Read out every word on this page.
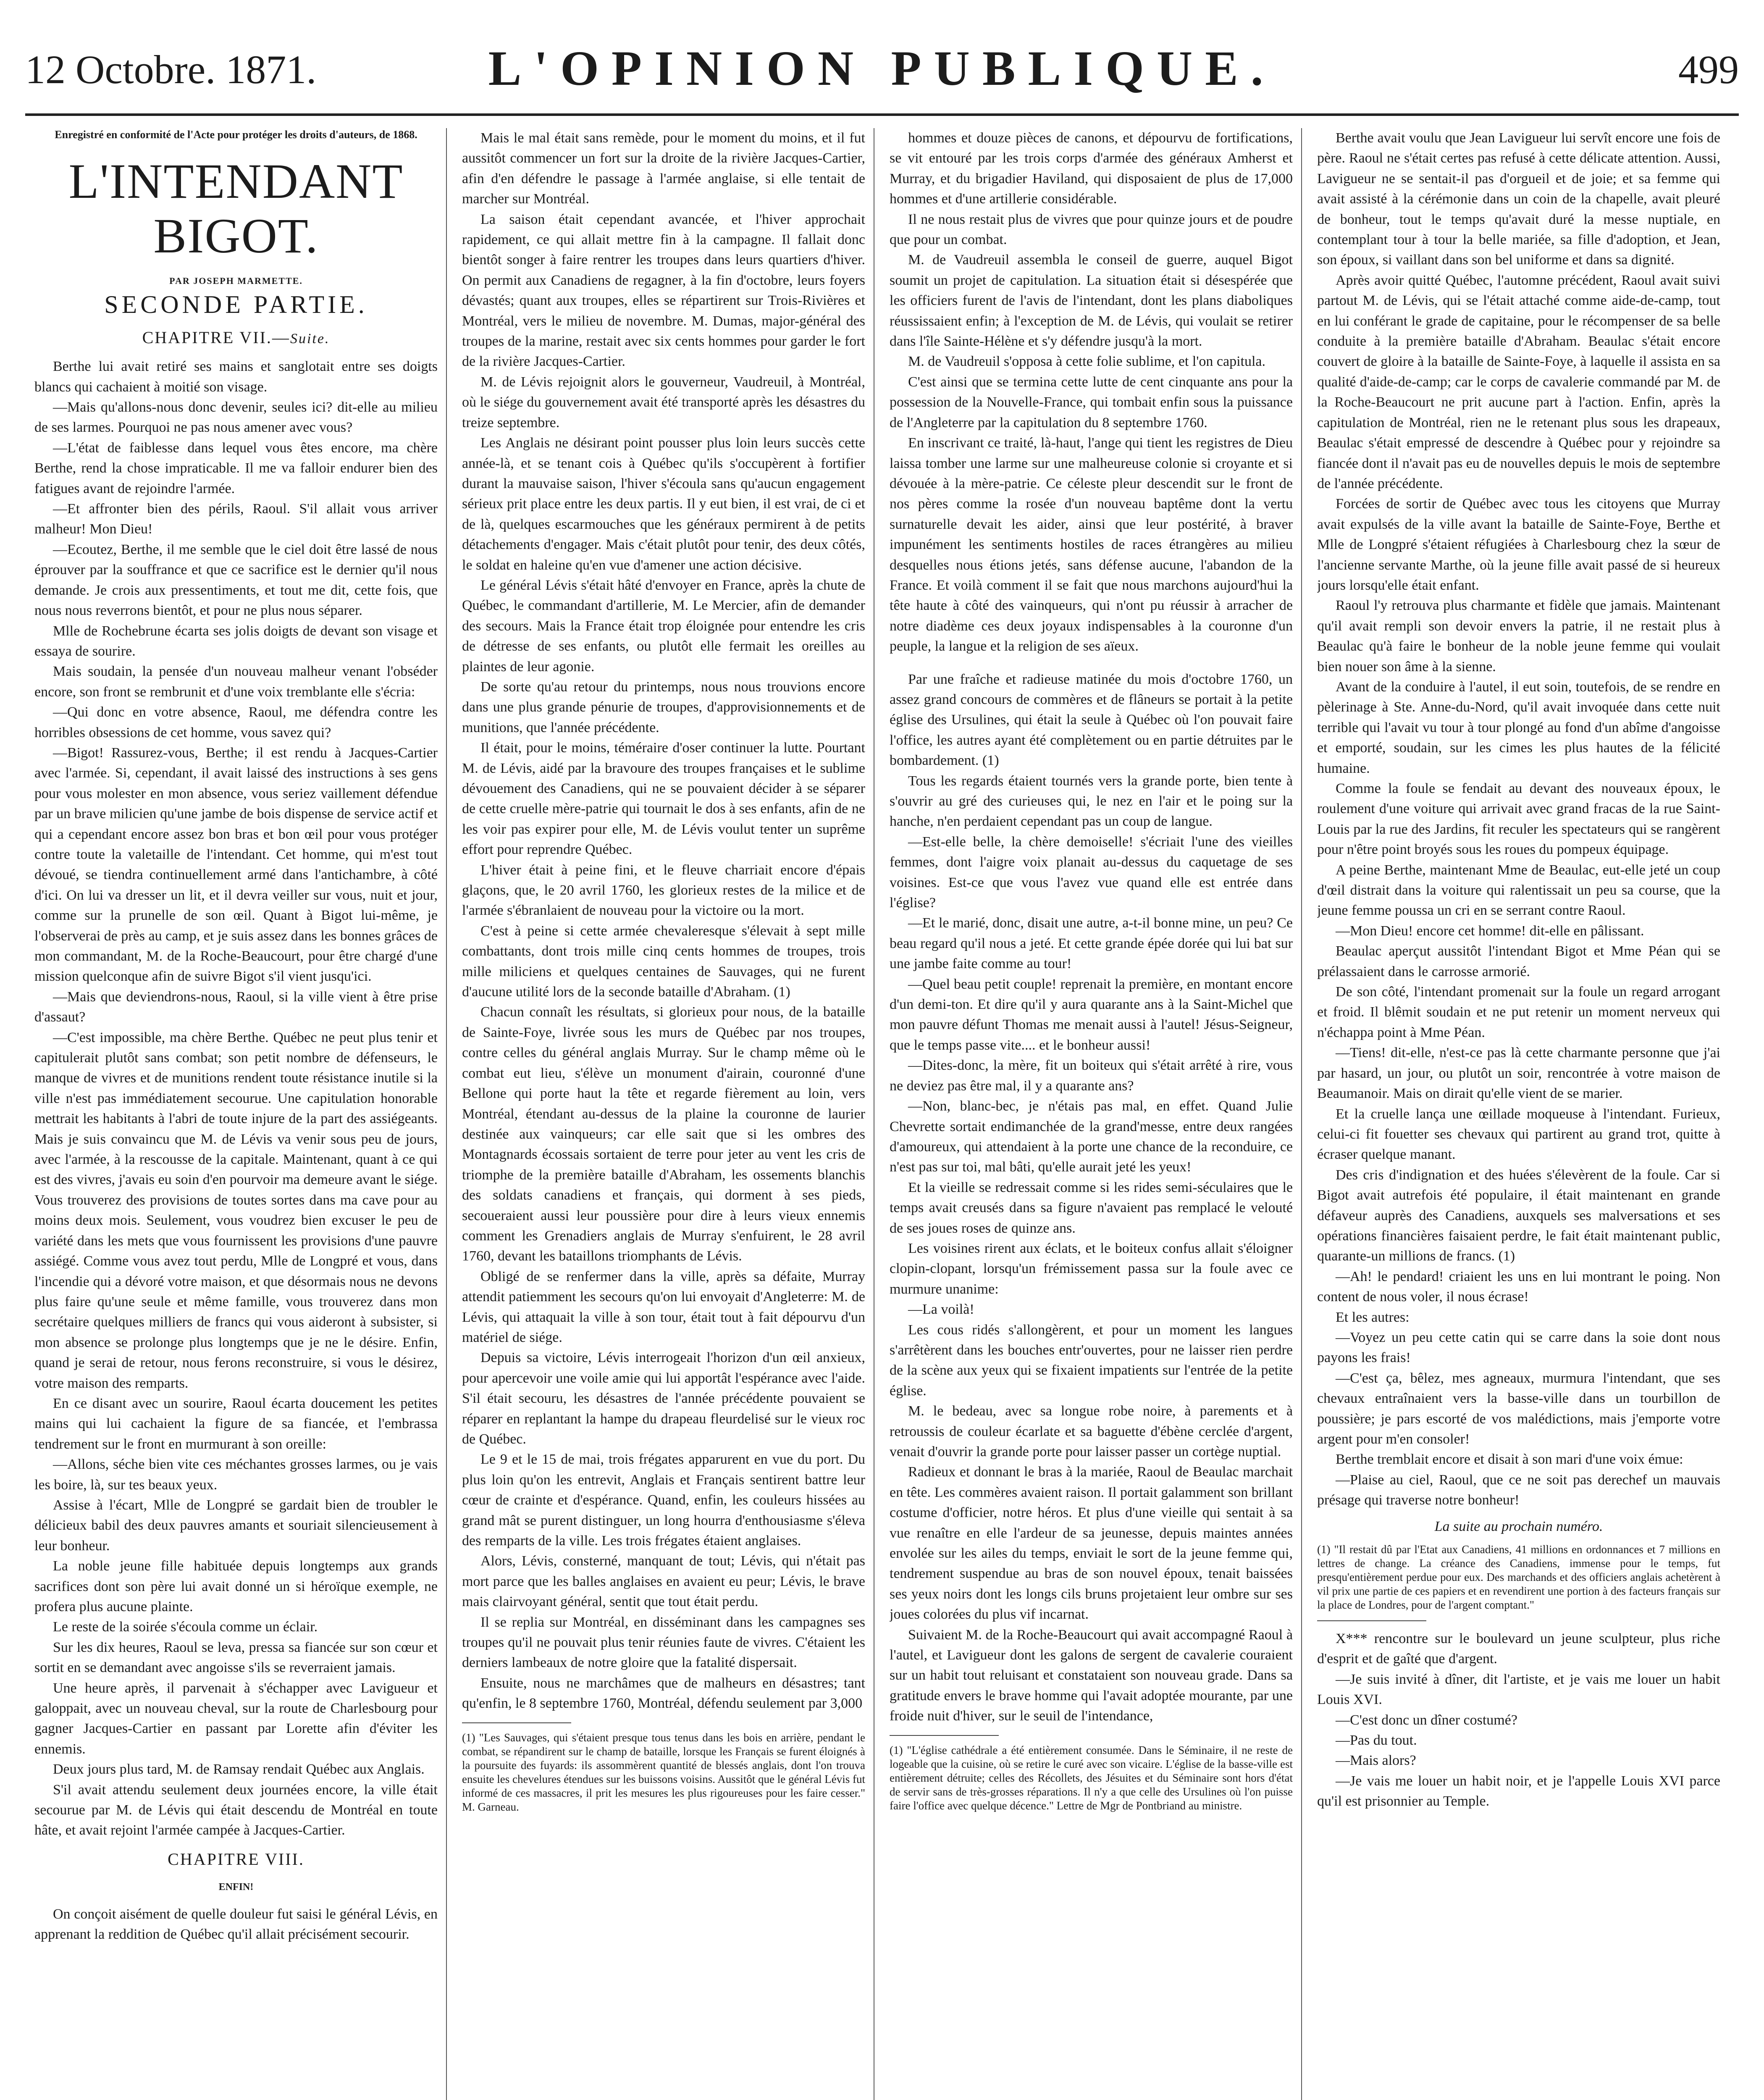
12 Octobre. 1871.	L'OPINION PUBLIQUE.	499
Enregistré en conformité de l'Acte pour protéger les droits d'auteurs, de 1868.
L'INTENDANT BIGOT.
PAR JOSEPH MARMETTE.
SECONDE PARTIE.
CHAPITRE VII.—Suite.

Berthe lui avait retiré ses mains et sanglotait entre ses doigts blancs qui cachaient à moitié son visage.

—Mais qu'allons-nous donc devenir, seules ici? dit-elle au milieu de ses larmes. Pourquoi ne pas nous amener avec vous?

—L'état de faiblesse dans lequel vous êtes encore, ma chère Berthe, rend la chose impraticable. Il me va falloir endurer bien des fatigues avant de rejoindre l'armée.

—Et affronter bien des périls, Raoul. S'il allait vous arriver malheur! Mon Dieu!

—Ecoutez, Berthe, il me semble que le ciel doit être lassé de nous éprouver par la souffrance et que ce sacrifice est le dernier qu'il nous demande. Je crois aux pressentiments, et tout me dit, cette fois, que nous nous reverrons bientôt, et pour ne plus nous séparer.

Mlle de Rochebrune écarta ses jolis doigts de devant son visage et essaya de sourire.

Mais soudain, la pensée d'un nouveau malheur venant l'obséder encore, son front se rembrunit et d'une voix tremblante elle s'écria:

—Qui donc en votre absence, Raoul, me défendra contre les horribles obsessions de cet homme, vous savez qui?

—Bigot! Rassurez-vous, Berthe; il est rendu à Jacques-Cartier avec l'armée. Si, cependant, il avait laissé des instructions à ses gens pour vous molester en mon absence, vous seriez vaillement défendue par un brave milicien qu'une jambe de bois dispense de service actif et qui a cependant encore assez bon bras et bon œil pour vous protéger contre toute la valetaille de l'intendant. Cet homme, qui m'est tout dévoué, se tiendra continuellement armé dans l'antichambre, à côté d'ici. On lui va dresser un lit, et il devra veiller sur vous, nuit et jour, comme sur la prunelle de son œil. Quant à Bigot lui-même, je l'observerai de près au camp, et je suis assez dans les bonnes grâces de mon commandant, M. de la Roche-Beaucourt, pour être chargé d'une mission quelconque afin de suivre Bigot s'il vient jusqu'ici.

—Mais que deviendrons-nous, Raoul, si la ville vient à être prise d'assaut?

—C'est impossible, ma chère Berthe. Québec ne peut plus tenir et capitulerait plutôt sans combat; son petit nombre de défenseurs, le manque de vivres et de munitions rendent toute résistance inutile si la ville n'est pas immédiatement secourue. Une capitulation honorable mettrait les habitants à l'abri de toute injure de la part des assiégeants. Mais je suis convaincu que M. de Lévis va venir sous peu de jours, avec l'armée, à la rescousse de la capitale. Maintenant, quant à ce qui est des vivres, j'avais eu soin d'en pourvoir ma demeure avant le siége. Vous trouverez des provisions de toutes sortes dans ma cave pour au moins deux mois. Seulement, vous voudrez bien excuser le peu de variété dans les mets que vous fournissent les provisions d'une pauvre assiégé. Comme vous avez tout perdu, Mlle de Longpré et vous, dans l'incendie qui a dévoré votre maison, et que désormais nous ne devons plus faire qu'une seule et même famille, vous trouverez dans mon secrétaire quelques milliers de francs qui vous aideront à subsister, si mon absence se prolonge plus longtemps que je ne le désire. Enfin, quand je serai de retour, nous ferons reconstruire, si vous le désirez, votre maison des remparts.

En ce disant avec un sourire, Raoul écarta doucement les petites mains qui lui cachaient la figure de sa fiancée, et l'embrassa tendrement sur le front en murmurant à son oreille:

—Allons, séche bien vite ces méchantes grosses larmes, ou je vais les boire, là, sur tes beaux yeux.

Assise à l'écart, Mlle de Longpré se gardait bien de troubler le délicieux babil des deux pauvres amants et souriait silencieusement à leur bonheur.

La noble jeune fille habituée depuis longtemps aux grands sacrifices dont son père lui avait donné un si héroïque exemple, ne profera plus aucune plainte.

Le reste de la soirée s'écoula comme un éclair.

Sur les dix heures, Raoul se leva, pressa sa fiancée sur son cœur et sortit en se demandant avec angoisse s'ils se reverraient jamais.

Une heure après, il parvenait à s'échapper avec Lavigueur et galoppait, avec un nouveau cheval, sur la route de Charlesbourg pour gagner Jacques-Cartier en passant par Lorette afin d'éviter les ennemis.

Deux jours plus tard, M. de Ramsay rendait Québec aux Anglais.

S'il avait attendu seulement deux journées encore, la ville était secourue par M. de Lévis qui était descendu de Montréal en toute hâte, et avait rejoint l'armée campée à Jacques-Cartier.

CHAPITRE VIII.
ENFIN!

On conçoit aisément de quelle douleur fut saisi le général Lévis, en apprenant la reddition de Québec qu'il allait précisément secourir.

Mais le mal était sans remède, pour le moment du moins, et il fut aussitôt commencer un fort sur la droite de la rivière Jacques-Cartier, afin d'en défendre le passage à l'armée anglaise, si elle tentait de marcher sur Montréal.

La saison était cependant avancée, et l'hiver approchait rapidement, ce qui allait mettre fin à la campagne. Il fallait donc bientôt songer à faire rentrer les troupes dans leurs quartiers d'hiver. On permit aux Canadiens de regagner, à la fin d'octobre, leurs foyers dévastés; quant aux troupes, elles se répartirent sur Trois-Rivières et Montréal, vers le milieu de novembre. M. Dumas, major-général des troupes de la marine, restait avec six cents hommes pour garder le fort de la rivière Jacques-Cartier.

M. de Lévis rejoignit alors le gouverneur, Vaudreuil, à Montréal, où le siége du gouvernement avait été transporté après les désastres du treize septembre.

Les Anglais ne désirant point pousser plus loin leurs succès cette année-là, et se tenant cois à Québec qu'ils s'occupèrent à fortifier durant la mauvaise saison, l'hiver s'écoula sans qu'aucun engagement sérieux prit place entre les deux partis. Il y eut bien, il est vrai, de ci et de là, quelques escarmouches que les généraux permirent à de petits détachements d'engager. Mais c'était plutôt pour tenir, des deux côtés, le soldat en haleine qu'en vue d'amener une action décisive.

Le général Lévis s'était hâté d'envoyer en France, après la chute de Québec, le commandant d'artillerie, M. Le Mercier, afin de demander des secours. Mais la France était trop éloignée pour entendre les cris de détresse de ses enfants, ou plutôt elle fermait les oreilles au plaintes de leur agonie.

De sorte qu'au retour du printemps, nous nous trouvions encore dans une plus grande pénurie de troupes, d'approvisionnements et de munitions, que l'année précédente.

Il était, pour le moins, téméraire d'oser continuer la lutte. Pourtant M. de Lévis, aidé par la bravoure des troupes françaises et le sublime dévouement des Canadiens, qui ne se pouvaient décider à se séparer de cette cruelle mère-patrie qui tournait le dos à ses enfants, afin de ne les voir pas expirer pour elle, M. de Lévis voulut tenter un suprême effort pour reprendre Québec.

L'hiver était à peine fini, et le fleuve charriait encore d'épais glaçons, que, le 20 avril 1760, les glorieux restes de la milice et de l'armée s'ébranlaient de nouveau pour la victoire ou la mort.

C'est à peine si cette armée chevaleresque s'élevait à sept mille combattants, dont trois mille cinq cents hommes de troupes, trois mille miliciens et quelques centaines de Sauvages, qui ne furent d'aucune utilité lors de la seconde bataille d'Abraham. (1)

Chacun connaît les résultats, si glorieux pour nous, de la bataille de Sainte-Foye, livrée sous les murs de Québec par nos troupes, contre celles du général anglais Murray. Sur le champ même où le combat eut lieu, s'élève un monument d'airain, couronné d'une Bellone qui porte haut la tête et regarde fièrement au loin, vers Montréal, étendant au-dessus de la plaine la couronne de laurier destinée aux vainqueurs; car elle sait que si les ombres des Montagnards écossais sortaient de terre pour jeter au vent les cris de triomphe de la première bataille d'Abraham, les ossements blanchis des soldats canadiens et français, qui dorment à ses pieds, secoueraient aussi leur poussière pour dire à leurs vieux ennemis comment les Grenadiers anglais de Murray s'enfuirent, le 28 avril 1760, devant les bataillons triomphants de Lévis.

Obligé de se renfermer dans la ville, après sa défaite, Murray attendit patiemment les secours qu'on lui envoyait d'Angleterre: M. de Lévis, qui attaquait la ville à son tour, était tout à fait dépourvu d'un matériel de siége.

Depuis sa victoire, Lévis interrogeait l'horizon d'un œil anxieux, pour apercevoir une voile amie qui lui apportât l'espérance avec l'aide. S'il était secouru, les désastres de l'année précédente pouvaient se réparer en replantant la hampe du drapeau fleurdelisé sur le vieux roc de Québec.

Le 9 et le 15 de mai, trois frégates apparurent en vue du port. Du plus loin qu'on les entrevit, Anglais et Français sentirent battre leur cœur de crainte et d'espérance. Quand, enfin, les couleurs hissées au grand mât se purent distinguer, un long hourra d'enthousiasme s'éleva des remparts de la ville. Les trois frégates étaient anglaises.

Alors, Lévis, consterné, manquant de tout; Lévis, qui n'était pas mort parce que les balles anglaises en avaient eu peur; Lévis, le brave mais clairvoyant général, sentit que tout était perdu.

Il se replia sur Montréal, en disséminant dans les campagnes ses troupes qu'il ne pouvait plus tenir réunies faute de vivres. C'étaient les derniers lambeaux de notre gloire que la fatalité dispersait.

Ensuite, nous ne marchâmes que de malheurs en désastres; tant qu'enfin, le 8 septembre 1760, Montréal, défendu seulement par 3,000

(1) "Les Sauvages, qui s'étaient presque tous tenus dans les bois en arrière, pendant le combat, se répandirent sur le champ de bataille, lorsque les Français se furent éloignés à la poursuite des fuyards: ils assommèrent quantité de blessés anglais, dont l'on trouva ensuite les chevelures étendues sur les buissons voisins. Aussitôt que le général Lévis fut informé de ces massacres, il prit les mesures les plus rigoureuses pour les faire cesser." M. Garneau.

hommes et douze pièces de canons, et dépourvu de fortifications, se vit entouré par les trois corps d'armée des généraux Amherst et Murray, et du brigadier Haviland, qui disposaient de plus de 17,000 hommes et d'une artillerie considérable.

Il ne nous restait plus de vivres que pour quinze jours et de poudre que pour un combat.

M. de Vaudreuil assembla le conseil de guerre, auquel Bigot soumit un projet de capitulation. La situation était si désespérée que les officiers furent de l'avis de l'intendant, dont les plans diaboliques réussissaient enfin; à l'exception de M. de Lévis, qui voulait se retirer dans l'île Sainte-Hélène et s'y défendre jusqu'à la mort.

M. de Vaudreuil s'opposa à cette folie sublime, et l'on capitula.

C'est ainsi que se termina cette lutte de cent cinquante ans pour la possession de la Nouvelle-France, qui tombait enfin sous la puissance de l'Angleterre par la capitulation du 8 septembre 1760.

En inscrivant ce traité, là-haut, l'ange qui tient les registres de Dieu laissa tomber une larme sur une malheureuse colonie si croyante et si dévouée à la mère-patrie. Ce céleste pleur descendit sur le front de nos pères comme la rosée d'un nouveau baptême dont la vertu surnaturelle devait les aider, ainsi que leur postérité, à braver impunément les sentiments hostiles de races étrangères au milieu desquelles nous étions jetés, sans défense aucune, l'abandon de la France. Et voilà comment il se fait que nous marchons aujourd'hui la tête haute à côté des vainqueurs, qui n'ont pu réussir à arracher de notre diadème ces deux joyaux indispensables à la couronne d'un peuple, la langue et la religion de ses aïeux.

Par une fraîche et radieuse matinée du mois d'octobre 1760, un assez grand concours de commères et de flâneurs se portait à la petite église des Ursulines, qui était la seule à Québec où l'on pouvait faire l'office, les autres ayant été complètement ou en partie détruites par le bombardement. (1)

Tous les regards étaient tournés vers la grande porte, bien tente à s'ouvrir au gré des curieuses qui, le nez en l'air et le poing sur la hanche, n'en perdaient cependant pas un coup de langue.

—Est-elle belle, la chère demoiselle! s'écriait l'une des vieilles femmes, dont l'aigre voix planait au-dessus du caquetage de ses voisines. Est-ce que vous l'avez vue quand elle est entrée dans l'église?

—Et le marié, donc, disait une autre, a-t-il bonne mine, un peu? Ce beau regard qu'il nous a jeté. Et cette grande épée dorée qui lui bat sur une jambe faite comme au tour!

—Quel beau petit couple! reprenait la première, en montant encore d'un demi-ton. Et dire qu'il y aura quarante ans à la Saint-Michel que mon pauvre défunt Thomas me menait aussi à l'autel! Jésus-Seigneur, que le temps passe vite.... et le bonheur aussi!

—Dites-donc, la mère, fit un boiteux qui s'était arrêté à rire, vous ne deviez pas être mal, il y a quarante ans?

—Non, blanc-bec, je n'étais pas mal, en effet. Quand Julie Chevrette sortait endimanchée de la grand'messe, entre deux rangées d'amoureux, qui attendaient à la porte une chance de la reconduire, ce n'est pas sur toi, mal bâti, qu'elle aurait jeté les yeux!

Et la vieille se redressait comme si les rides semi-séculaires que le temps avait creusés dans sa figure n'avaient pas remplacé le velouté de ses joues roses de quinze ans.

Les voisines rirent aux éclats, et le boiteux confus allait s'éloigner clopin-clopant, lorsqu'un frémissement passa sur la foule avec ce murmure unanime:

—La voilà!

Les cous ridés s'allongèrent, et pour un moment les langues s'arrêtèrent dans les bouches entr'ouvertes, pour ne laisser rien perdre de la scène aux yeux qui se fixaient impatients sur l'entrée de la petite église.

M. le bedeau, avec sa longue robe noire, à parements et à retroussis de couleur écarlate et sa baguette d'ébène cerclée d'argent, venait d'ouvrir la grande porte pour laisser passer un cortège nuptial.

Radieux et donnant le bras à la mariée, Raoul de Beaulac marchait en tête. Les commères avaient raison. Il portait galamment son brillant costume d'officier, notre héros. Et plus d'une vieille qui sentait à sa vue renaître en elle l'ardeur de sa jeunesse, depuis maintes années envolée sur les ailes du temps, enviait le sort de la jeune femme qui, tendrement suspendue au bras de son nouvel époux, tenait baissées ses yeux noirs dont les longs cils bruns projetaient leur ombre sur ses joues colorées du plus vif incarnat.

Suivaient M. de la Roche-Beaucourt qui avait accompagné Raoul à l'autel, et Lavigueur dont les galons de sergent de cavalerie couraient sur un habit tout reluisant et constataient son nouveau grade. Dans sa gratitude envers le brave homme qui l'avait adoptée mourante, par une froide nuit d'hiver, sur le seuil de l'intendance,

(1) "L'église cathédrale a été entièrement consumée. Dans le Séminaire, il ne reste de logeable que la cuisine, où se retire le curé avec son vicaire. L'église de la basse-ville est entièrement détruite; celles des Récollets, des Jésuites et du Séminaire sont hors d'état de servir sans de très-grosses réparations. Il n'y a que celle des Ursulines où l'on puisse faire l'office avec quelque décence." Lettre de Mgr de Pontbriand au ministre.

Berthe avait voulu que Jean Lavigueur lui servît encore une fois de père. Raoul ne s'était certes pas refusé à cette délicate attention. Aussi, Lavigueur ne se sentait-il pas d'orgueil et de joie; et sa femme qui avait assisté à la cérémonie dans un coin de la chapelle, avait pleuré de bonheur, tout le temps qu'avait duré la messe nuptiale, en contemplant tour à tour la belle mariée, sa fille d'adoption, et Jean, son époux, si vaillant dans son bel uniforme et dans sa dignité.

Après avoir quitté Québec, l'automne précédent, Raoul avait suivi partout M. de Lévis, qui se l'était attaché comme aide-de-camp, tout en lui conférant le grade de capitaine, pour le récompenser de sa belle conduite à la première bataille d'Abraham. Beaulac s'était encore couvert de gloire à la bataille de Sainte-Foye, à laquelle il assista en sa qualité d'aide-de-camp; car le corps de cavalerie commandé par M. de la Roche-Beaucourt ne prit aucune part à l'action. Enfin, après la capitulation de Montréal, rien ne le retenant plus sous les drapeaux, Beaulac s'était empressé de descendre à Québec pour y rejoindre sa fiancée dont il n'avait pas eu de nouvelles depuis le mois de septembre de l'année précédente.

Forcées de sortir de Québec avec tous les citoyens que Murray avait expulsés de la ville avant la bataille de Sainte-Foye, Berthe et Mlle de Longpré s'étaient réfugiées à Charlesbourg chez la sœur de l'ancienne servante Marthe, où la jeune fille avait passé de si heureux jours lorsqu'elle était enfant.

Raoul l'y retrouva plus charmante et fidèle que jamais. Maintenant qu'il avait rempli son devoir envers la patrie, il ne restait plus à Beaulac qu'à faire le bonheur de la noble jeune femme qui voulait bien nouer son âme à la sienne.

Avant de la conduire à l'autel, il eut soin, toutefois, de se rendre en pèlerinage à Ste. Anne-du-Nord, qu'il avait invoquée dans cette nuit terrible qui l'avait vu tour à tour plongé au fond d'un abîme d'angoisse et emporté, soudain, sur les cimes les plus hautes de la félicité humaine.

Comme la foule se fendait au devant des nouveaux époux, le roulement d'une voiture qui arrivait avec grand fracas de la rue Saint-Louis par la rue des Jardins, fit reculer les spectateurs qui se rangèrent pour n'être point broyés sous les roues du pompeux équipage.

A peine Berthe, maintenant Mme de Beaulac, eut-elle jeté un coup d'œil distrait dans la voiture qui ralentissait un peu sa course, que la jeune femme poussa un cri en se serrant contre Raoul.

—Mon Dieu! encore cet homme! dit-elle en pâlissant.

Beaulac aperçut aussitôt l'intendant Bigot et Mme Péan qui se prélassaient dans le carrosse armorié.

De son côté, l'intendant promenait sur la foule un regard arrogant et froid. Il blêmit soudain et ne put retenir un moment nerveux qui n'échappa point à Mme Péan.

—Tiens! dit-elle, n'est-ce pas là cette charmante personne que j'ai par hasard, un jour, ou plutôt un soir, rencontrée à votre maison de Beaumanoir. Mais on dirait qu'elle vient de se marier.

Et la cruelle lança une œillade moqueuse à l'intendant. Furieux, celui-ci fit fouetter ses chevaux qui partirent au grand trot, quitte à écraser quelque manant.

Des cris d'indignation et des huées s'élevèrent de la foule. Car si Bigot avait autrefois été populaire, il était maintenant en grande défaveur auprès des Canadiens, auxquels ses malversations et ses opérations financières faisaient perdre, le fait était maintenant public, quarante-un millions de francs. (1)

—Ah! le pendard! criaient les uns en lui montrant le poing. Non content de nous voler, il nous écrase!

Et les autres:

—Voyez un peu cette catin qui se carre dans la soie dont nous payons les frais!

—C'est ça, bêlez, mes agneaux, murmura l'intendant, que ses chevaux entraînaient vers la basse-ville dans un tourbillon de poussière; je pars escorté de vos malédictions, mais j'emporte votre argent pour m'en consoler!

Berthe tremblait encore et disait à son mari d'une voix émue:

—Plaise au ciel, Raoul, que ce ne soit pas derechef un mauvais présage qui traverse notre bonheur!

La suite au prochain numéro.

(1) "Il restait dû par l'Etat aux Canadiens, 41 millions en ordonnances et 7 millions en lettres de change. La créance des Canadiens, immense pour le temps, fut presqu'entièrement perdue pour eux. Des marchands et des officiers anglais achetèrent à vil prix une partie de ces papiers et en revendirent une portion à des facteurs français sur la place de Londres, pour de l'argent comptant."

X*** rencontre sur le boulevard un jeune sculpteur, plus riche d'esprit et de gaîté que d'argent.

—Je suis invité à dîner, dit l'artiste, et je vais me louer un habit Louis XVI.

—C'est donc un dîner costumé?

—Pas du tout.

—Mais alors?

—Je vais me louer un habit noir, et je l'appelle Louis XVI parce qu'il est prisonnier au Temple.
